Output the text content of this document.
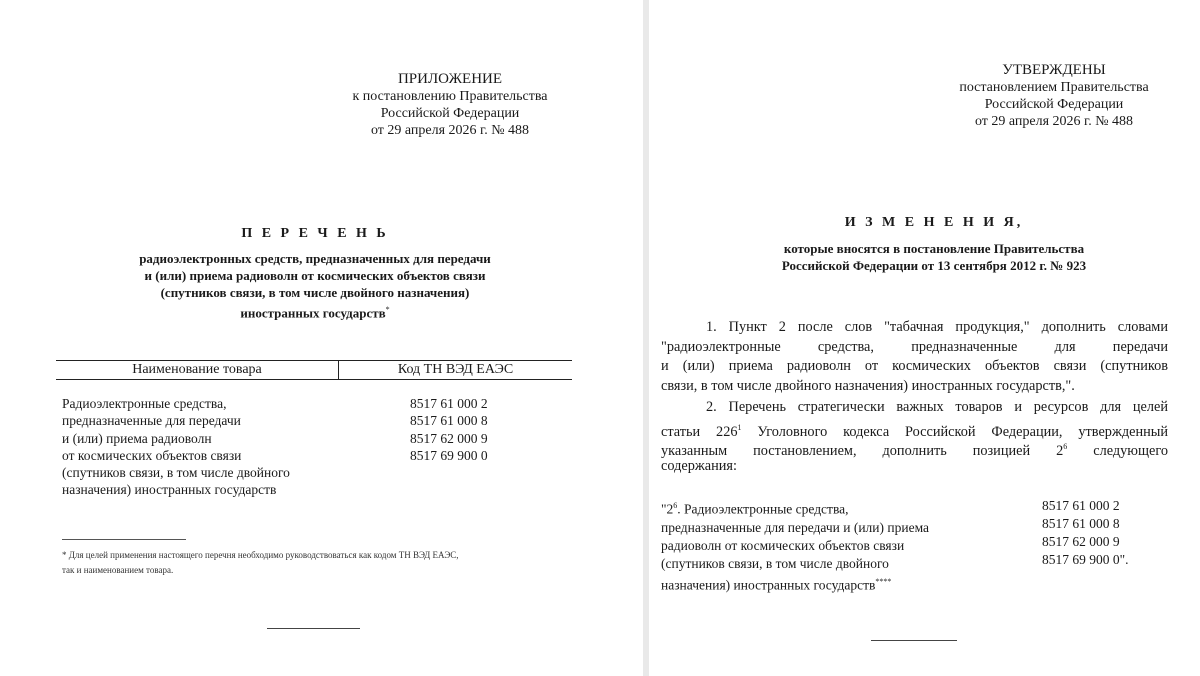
ПРИЛОЖЕНИЕ
к постановлению Правительства
Российской Федерации
от 29 апреля 2026 г. № 488
П Е Р Е Ч Е Н Ь
радиоэлектронных средств, предназначенных для передачи
и (или) приема радиоволн от космических объектов связи
(спутников связи, в том числе двойного назначения)
иностранных государств*
Наименование товара	Код ТН ВЭД ЕАЭС
Радиоэлектронные средства,
предназначенные для передачи
и (или) приема радиоволн
от космических объектов связи
(спутников связи, в том числе двойного
назначения) иностранных государств
8517 61 000 2
8517 61 000 8
8517 62 000 9
8517 69 900 0
* Для целей применения настоящего перечня необходимо руководствоваться как кодом ТН ВЭД ЕАЭС,
так и наименованием товара.
УТВЕРЖДЕНЫ
постановлением Правительства
Российской Федерации
от 29 апреля 2026 г. № 488
И З М Е Н Е Н И Я,
которые вносятся в постановление Правительства
Российской Федерации от 13 сентября 2012 г. № 923
1. Пункт 2 после слов "табачная продукция," дополнить словами
"радиоэлектронные средства, предназначенные для передачи
и (или) приема радиоволн от космических объектов связи (спутников
связи, в том числе двойного назначения) иностранных государств,".
2. Перечень стратегически важных товаров и ресурсов для целей
статьи $226^1$ Уголовного кодекса Российской Федерации, утвержденный
указанным постановлением, дополнить позицией $2^6$ следующего
содержания:
"$2^6$. Радиоэлектронные средства,
предназначенные для передачи и (или) приема
радиоволн от космических объектов связи
(спутников связи, в том числе двойного
назначения) иностранных государств****
8517 61 000 2
8517 61 000 8
8517 62 000 9
8517 69 900 0".
